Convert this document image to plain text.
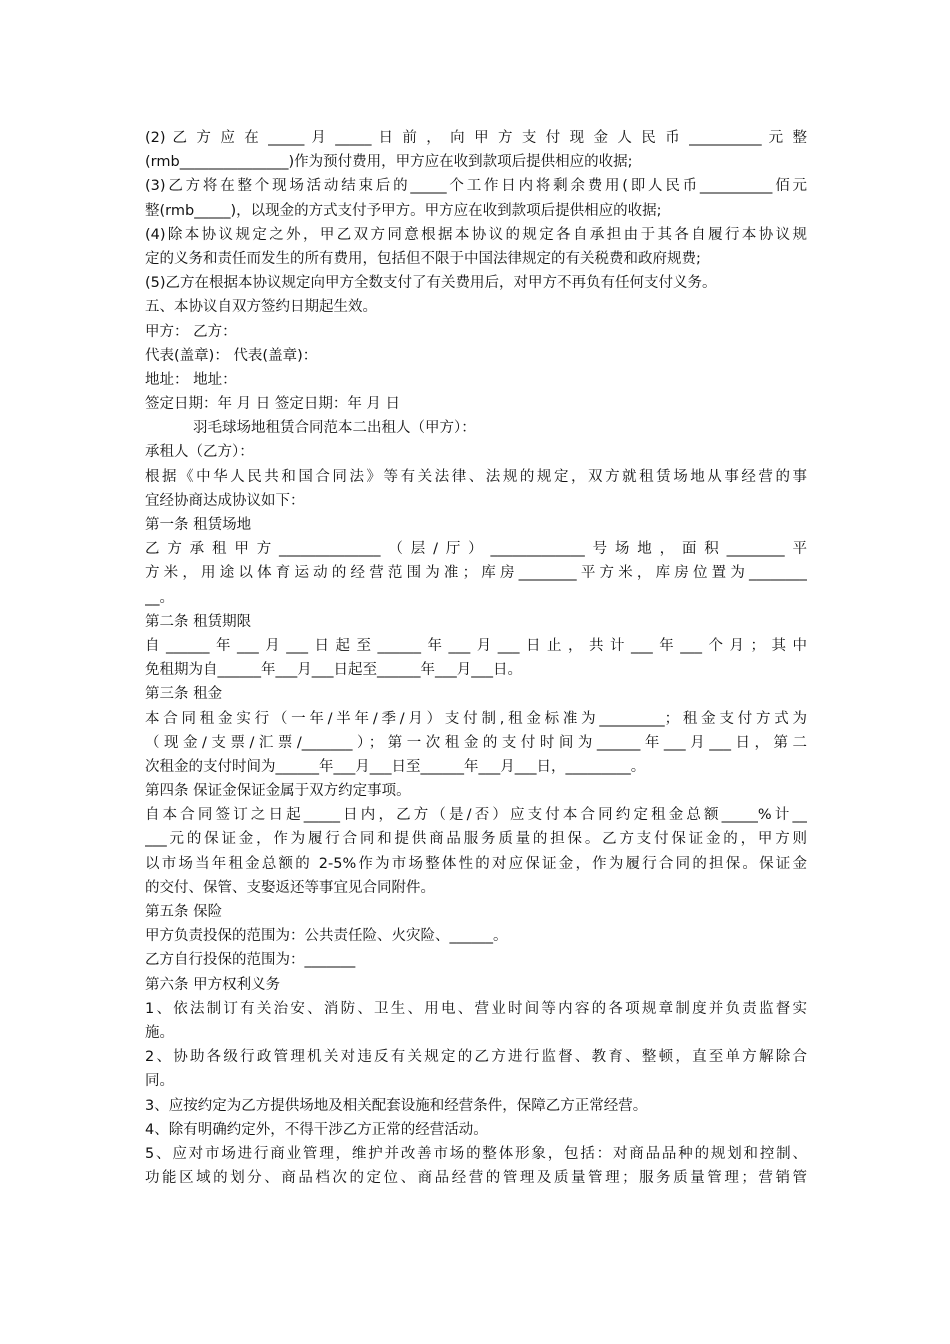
(2) 乙 方 应 在 _____ 月 _____ 日 前 ， 向 甲 方 支 付 现 金 人 民 币 __________ 元 整
(rmb_______________)作为预付费用，甲方应在收到款项后提供相应的收据;
(3)乙方将在整个现场活动结束后的_____个工作日内将剩余费用(即人民币__________佰元
整(rmb_____)，以现金的方式支付予甲方。甲方应在收到款项后提供相应的收据;
(4)除本协议规定之外，甲乙双方同意根据本协议的规定各自承担由于其各自履行本协议规
定的义务和责任而发生的所有费用，包括但不限于中国法律规定的有关税费和政府规费;
(5)乙方在根据本协议规定向甲方全数支付了有关费用后，对甲方不再负有任何支付义务。
五、本协议自双方签约日期起生效。
甲方： 乙方：
代表(盖章)： 代表(盖章)：
地址： 地址：
签定日期：年 月 日 签定日期：年 月 日
羽毛球场地租赁合同范本二出租人（甲方）：
承租人（乙方）：
根据《中华人民共和国合同法》等有关法律、法规的规定，双方就租赁场地从事经营的事
宜经协商达成协议如下：
第一条 租赁场地
乙方承租甲方______________（层/厅）_____________号场地，面积________平
方米，用途以体育运动的经营范围为准；库房________平方米，库房位置为________
__。
第二条 租赁期限
自______年___月___日起至______年___月___日止，共计___年___个月；其中
免租期为自______年___月___日起至______年___月___日。
第三条 租金
本合同租金实行（一年/半年/季/月）支付制,租金标准为_________；租金支付方式为
（现金/支票/汇票/_______）；第一次租金的支付时间为______年___月___日，第二
次租金的支付时间为______年___月___日至______年___月___日，_________。
第四条 保证金保证金属于双方约定事项。
自本合同签订之日起_____日内，乙方（是/否）应支付本合同约定租金总额_____%计__
___元的保证金，作为履行合同和提供商品服务质量的担保。乙方支付保证金的，甲方则
以市场当年租金总额的 2-5%作为市场整体性的对应保证金，作为履行合同的担保。保证金
的交付、保管、支娶返还等事宜见合同附件。
第五条 保险
甲方负责投保的范围为：公共责任险、火灾险、______。
乙方自行投保的范围为：_______
第六条 甲方权利义务
1、依法制订有关治安、消防、卫生、用电、营业时间等内容的各项规章制度并负责监督实
施。
2、协助各级行政管理机关对违反有关规定的乙方进行监督、教育、整顿，直至单方解除合
同。
3、应按约定为乙方提供场地及相关配套设施和经营条件，保障乙方正常经营。
4、除有明确约定外，不得干涉乙方正常的经营活动。
5、应对市场进行商业管理，维护并改善市场的整体形象，包括：对商品品种的规划和控制、
功能区域的划分、商品档次的定位、商品经营的管理及质量管理；服务质量管理；营销管
